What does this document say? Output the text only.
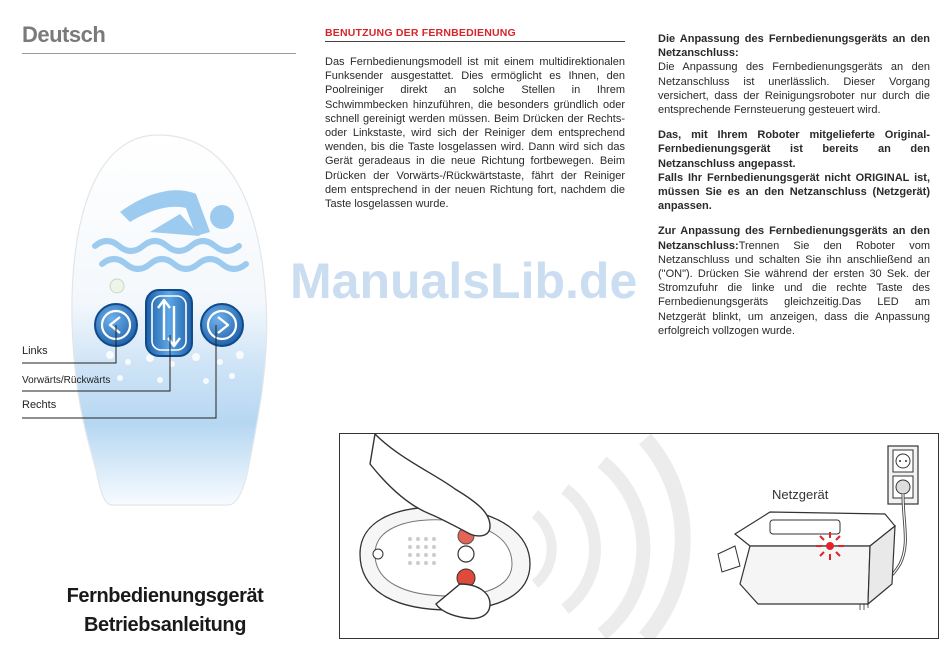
Deutsch
Links
Vorwärts/Rückwärts
Rechts
Fernbedienungsgerät
Betriebsanleitung
BENUTZUNG DER FERNBEDIENUNG
Das Fernbedienungsmodell ist mit einem multidirektionalen Funksender ausgestattet. Dies ermöglicht es Ihnen, den Poolreiniger direkt an solche Stellen in Ihrem Schwimmbecken hinzuführen, die besonders gründlich oder schnell gereinigt werden müssen. Beim Drücken der Rechts- oder Linkstaste, wird sich der Reiniger dem entsprechend wenden, bis die Taste losgelassen wird. Dann wird sich das Gerät geradeaus in die neue Richtung fortbewegen. Beim Drücken der Vorwärts-/Rückwärtstaste, fährt der Reiniger dem entsprechend in der neuen Richtung fort, nachdem die Taste losgelassen wurde.

Die Anpassung des Fernbedienungsgeräts an den Netzanschluss:
Die Anpassung des Fernbedienungsgeräts an den Netzanschluss ist unerlässlich. Dieser Vorgang versichert, dass der Reinigungsroboter nur durch die entsprechende Fernsteuerung gesteuert wird.

Das, mit Ihrem Roboter mitgelieferte Original-Fernbedienungsgerät ist bereits an den Netzanschluss angepasst.
Falls Ihr Fernbedienungsgerät nicht ORIGINAL ist, müssen Sie es an den Netzanschluss (Netzgerät) anpassen.

Zur Anpassung des Fernbedienungsgeräts an den Netzanschluss:Trennen Sie den Roboter vom Netzanschluss und schalten Sie ihn anschließend an ("ON"). Drücken Sie während der ersten 30 Sek. der Stromzufuhr die linke und die rechte Taste des Fernbedienungsgeräts gleichzeitig.Das LED am Netzgerät blinkt, um anzeigen, dass die Anpassung erfolgreich vollzogen wurde.

ManualsLib.de
Netzgerät
